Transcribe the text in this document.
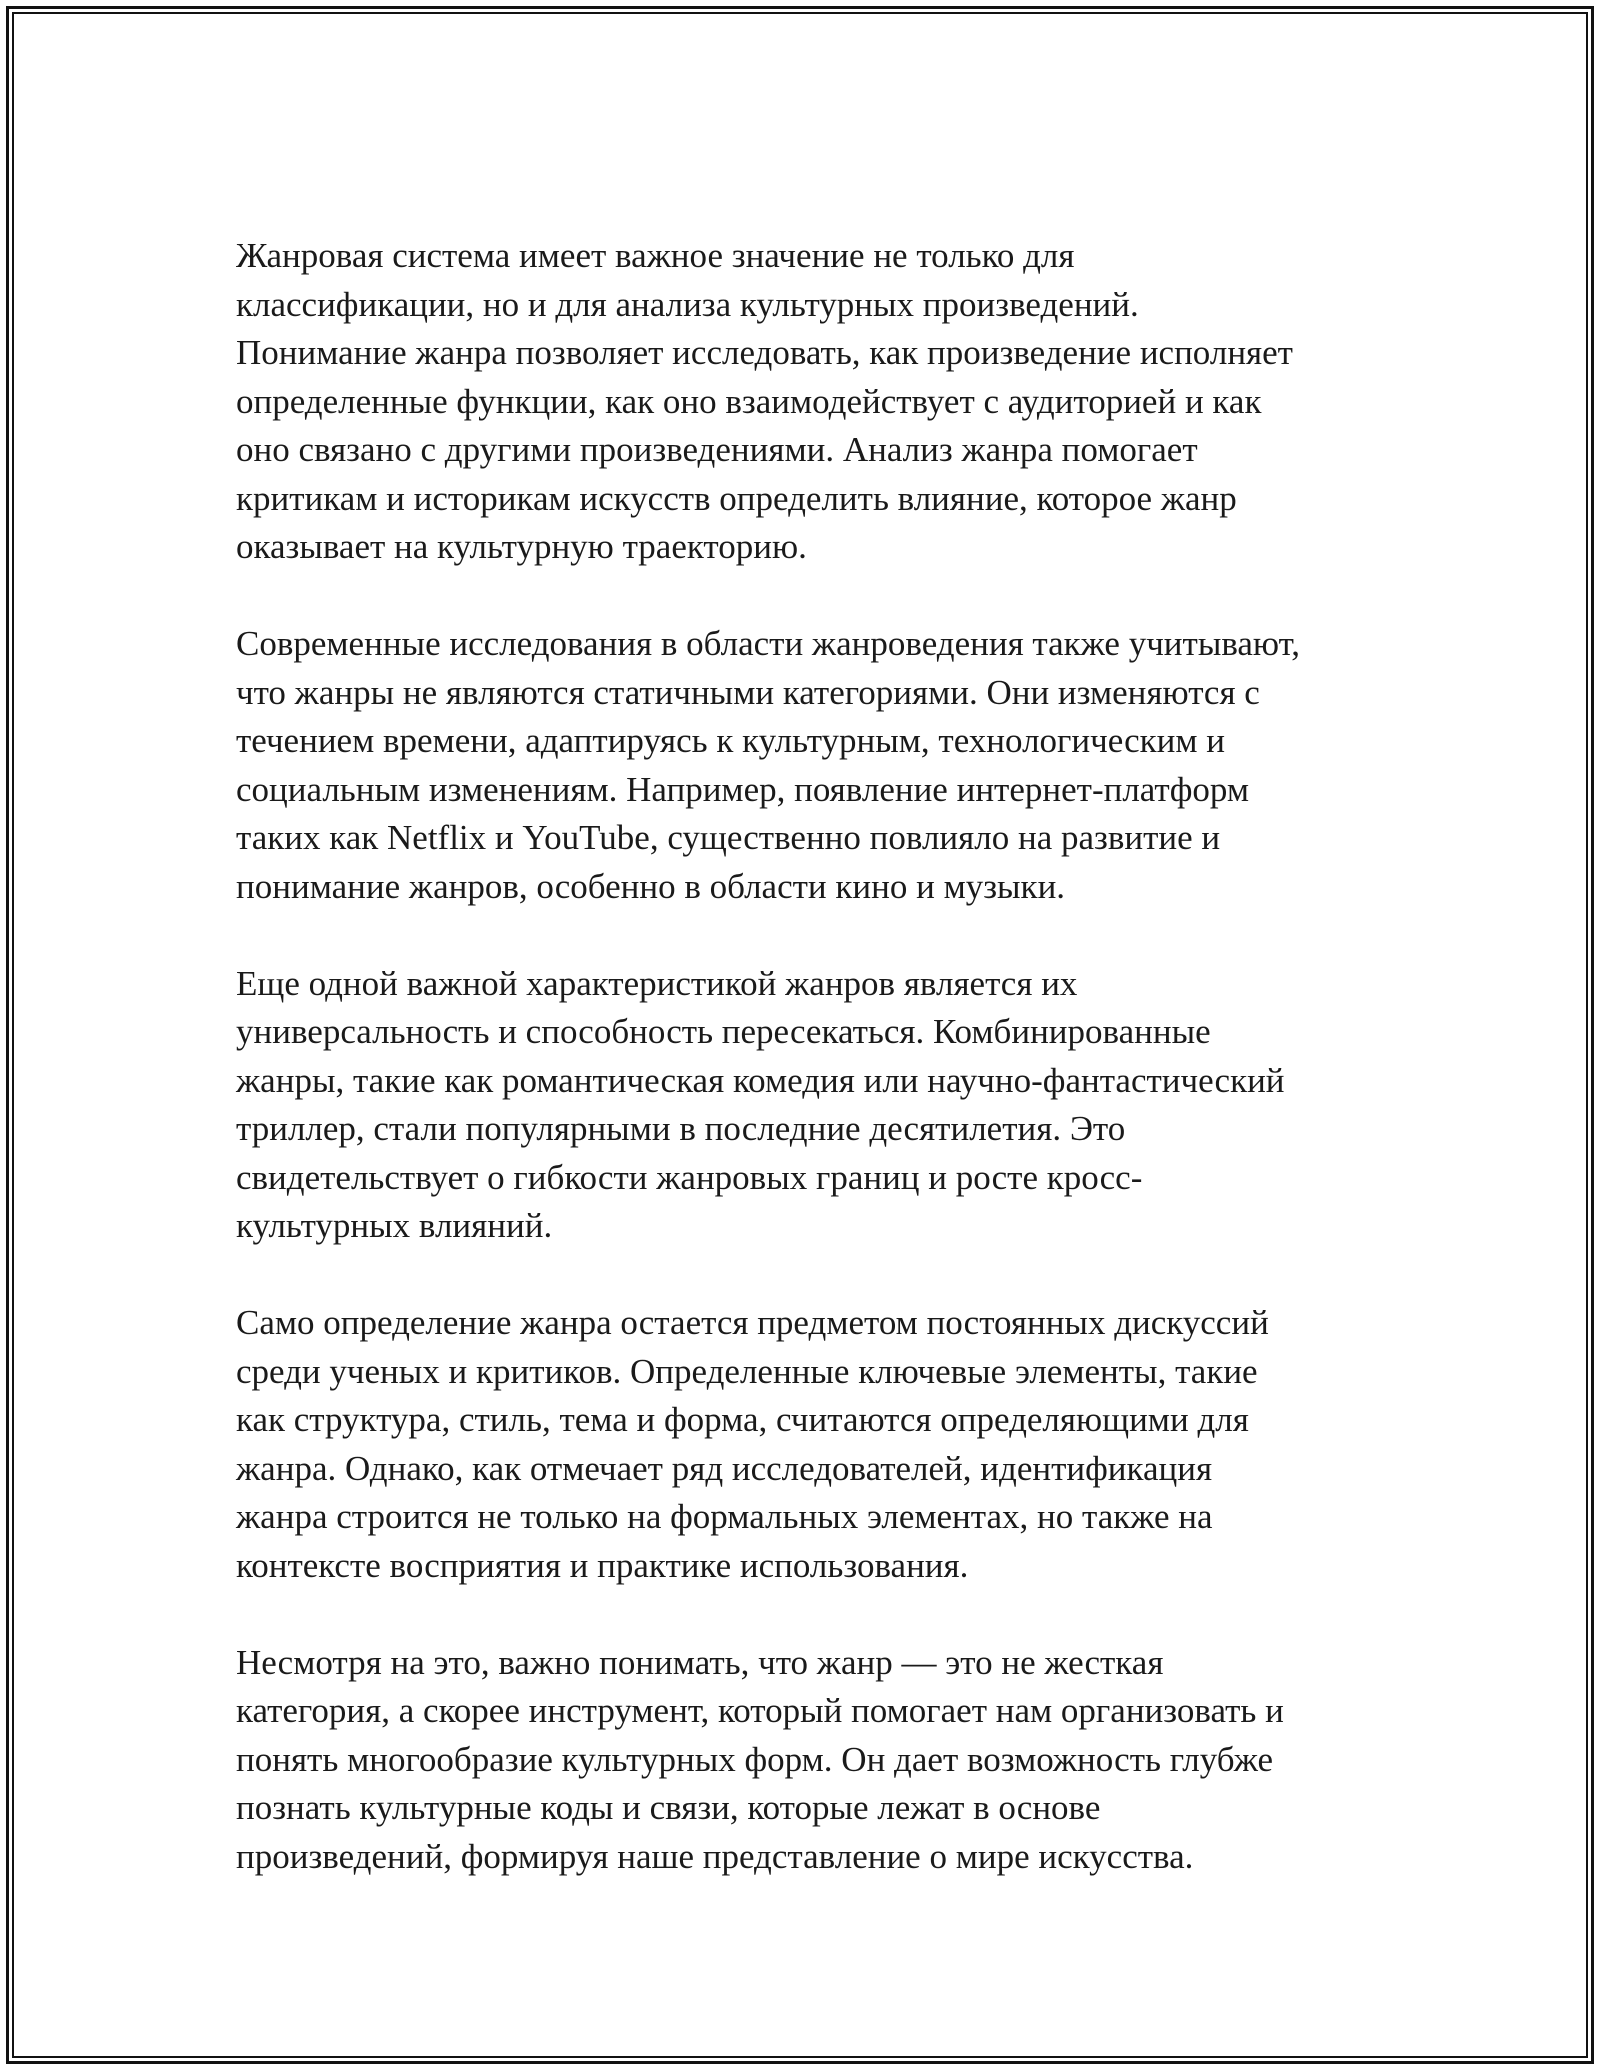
Жанровая система имеет важное значение не только для
классификации, но и для анализа культурных произведений.
Понимание жанра позволяет исследовать, как произведение исполняет
определенные функции, как оно взаимодействует с аудиторией и как
оно связано с другими произведениями. Анализ жанра помогает
критикам и историкам искусств определить влияние, которое жанр
оказывает на культурную траекторию.

Современные исследования в области жанроведения также учитывают,
что жанры не являются статичными категориями. Они изменяются с
течением времени, адаптируясь к культурным, технологическим и
социальным изменениям. Например, появление интернет-платформ
таких как Netflix и YouTube, существенно повлияло на развитие и
понимание жанров, особенно в области кино и музыки.

Еще одной важной характеристикой жанров является их
универсальность и способность пересекаться. Комбинированные
жанры, такие как романтическая комедия или научно-фантастический
триллер, стали популярными в последние десятилетия. Это
свидетельствует о гибкости жанровых границ и росте кросс-
культурных влияний.

Само определение жанра остается предметом постоянных дискуссий
среди ученых и критиков. Определенные ключевые элементы, такие
как структура, стиль, тема и форма, считаются определяющими для
жанра. Однако, как отмечает ряд исследователей, идентификация
жанра строится не только на формальных элементах, но также на
контексте восприятия и практике использования.

Несмотря на это, важно понимать, что жанр — это не жесткая
категория, а скорее инструмент, который помогает нам организовать и
понять многообразие культурных форм. Он дает возможность глубже
познать культурные коды и связи, которые лежат в основе
произведений, формируя наше представление о мире искусства.
